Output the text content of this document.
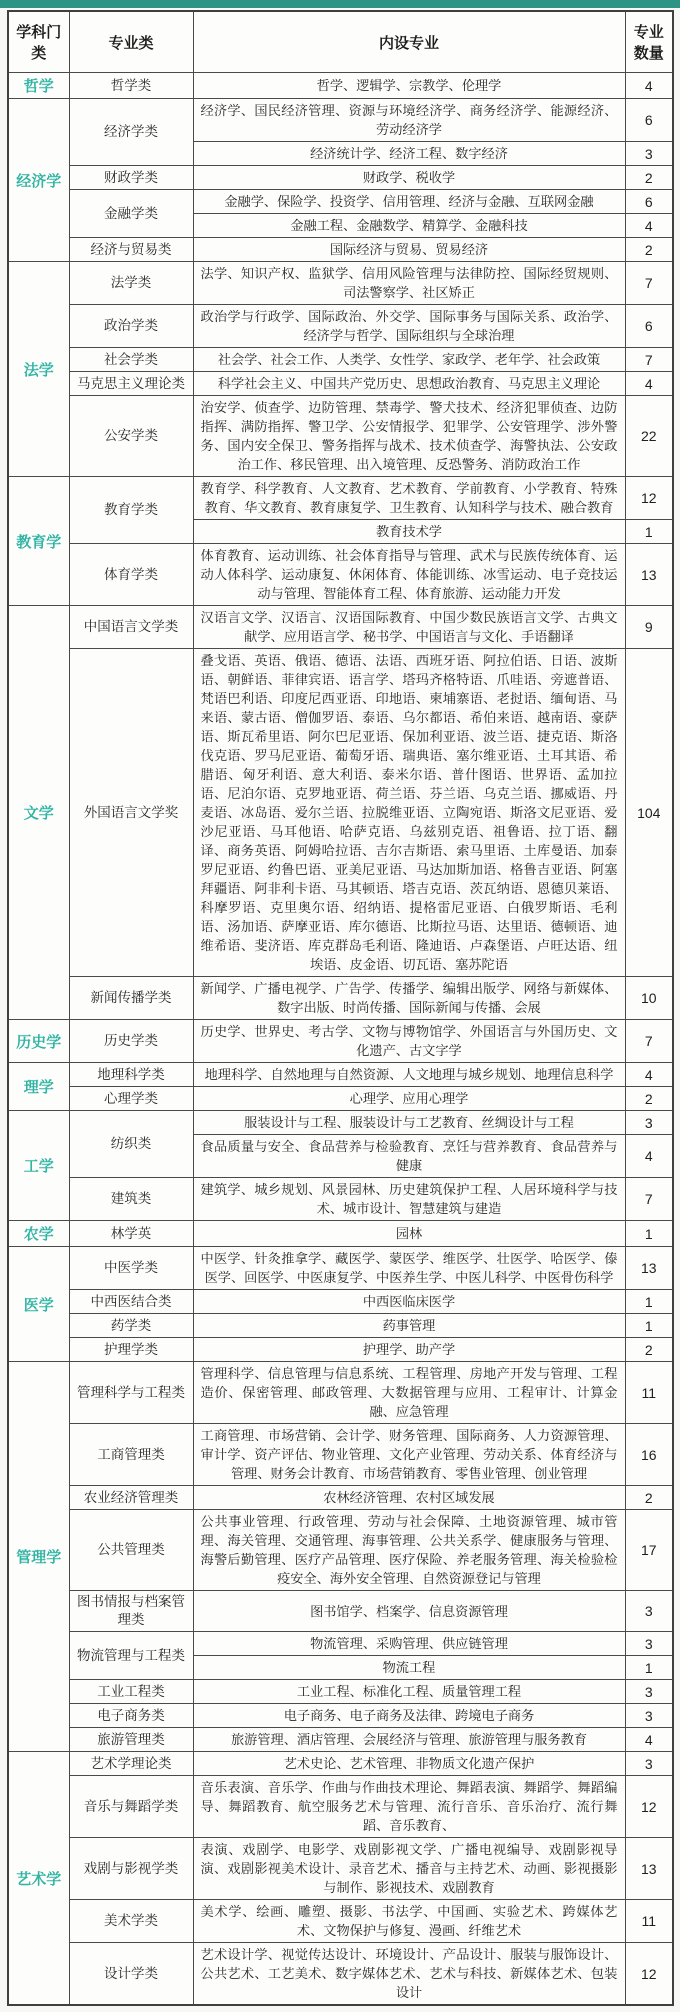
学科门类	专业类	内设专业	专业数量
哲学	哲学类	哲学、逻辑学、宗教学、伦理学	4
经济学	经济学类	经济学、国民经济管理、资源与环境经济学、商务经济学、能源经济、劳动经济学	6
		经济统计学、经济工程、数字经济	3
	财政学类	财政学、税收学	2
	金融学类	金融学、保险学、投资学、信用管理、经济与金融、互联网金融	6
		金融工程、金融数学、精算学、金融科技	4
	经济与贸易类	国际经济与贸易、贸易经济	2
法学	法学类	法学、知识产权、监狱学、信用风险管理与法律防控、国际经贸规则、司法警察学、社区矫正	7
	政治学类	政治学与行政学、国际政治、外交学、国际事务与国际关系、政治学、经济学与哲学、国际组织与全球治理	6
	社会学类	社会学、社会工作、人类学、女性学、家政学、老年学、社会政策	7
	马克思主义理论类	科学社会主义、中国共产党历史、思想政治教育、马克思主义理论	4
	公安学类	治安学、侦查学、边防管理、禁毒学、警犬技术、经济犯罪侦查、边防指挥、满防指挥、警卫学、公安情报学、犯罪学、公安管理学、涉外警务、国内安全保卫、警务指挥与战术、技术侦查学、海警执法、公安政治工作、移民管理、出入境管理、反恐警务、消防政治工作	22
教育学	教育学类	教育学、科学教育、人文教育、艺术教育、学前教育、小学教育、特殊教育、华文教育、教育康复学、卫生教育、认知科学与技术、融合教育	12
		教育技术学	1
	体育学类	体育教育、运动训练、社会体育指导与管理、武术与民族传统体育、运动人体科学、运动康复、休闲体育、体能训练、冰雪运动、电子竞技运动与管理、智能体育工程、体育旅游、运动能力开发	13
文学	中国语言文学类	汉语言文学、汉语言、汉语国际教育、中国少数民族语言文学、古典文献学、应用语言学、秘书学、中国语言与文化、手语翻译	9
	外国语言文学奖	叠戈语、英语、俄语、德语、法语、西班牙语、阿拉伯语、日语、波斯语、朝鲜语、菲律宾语、语言学、塔玛齐格特语、爪哇语、旁遮普语、梵语巴利语、印度尼西亚语、印地语、柬埔寨语、老挝语、缅甸语、马来语、蒙古语、僧伽罗语、泰语、乌尔都语、希伯来语、越南语、豪萨语、斯瓦希里语、阿尔巴尼亚语、保加利亚语、波兰语、捷克语、斯洛伐克语、罗马尼亚语、葡萄牙语、瑞典语、塞尔维亚语、土耳其语、希腊语、匈牙利语、意大利语、泰米尔语、普什图语、世界语、孟加拉语、尼泊尔语、克罗地亚语、荷兰语、芬兰语、乌克兰语、挪威语、丹麦语、冰岛语、爱尔兰语、拉脱维亚语、立陶宛语、斯洛文尼亚语、爱沙尼亚语、马耳他语、哈萨克语、乌兹别克语、祖鲁语、拉丁语、翻译、商务英语、阿姆哈拉语、吉尔吉斯语、索马里语、土库曼语、加泰罗尼亚语、约鲁巴语、亚美尼亚语、马达加斯加语、格鲁吉亚语、阿塞拜疆语、阿非利卡语、马其顿语、塔吉克语、茨瓦纳语、恩德贝莱语、科摩罗语、克里奥尔语、绍纳语、提格雷尼亚语、白俄罗斯语、毛利语、汤加语、萨摩亚语、库尔德语、比斯拉马语、达里语、德顿语、迪维希语、斐济语、库克群岛毛利语、隆迪语、卢森堡语、卢旺达语、纽埃语、皮金语、切瓦语、塞苏陀语	104
	新闻传播学类	新闻学、广播电视学、广告学、传播学、编辑出版学、网络与新媒体、数字出版、时尚传播、国际新闻与传播、会展	10
历史学	历史学类	历史学、世界史、考古学、文物与博物馆学、外国语言与外国历史、文化遗产、古文字学	7
理学	地理科学类	地理科学、自然地理与自然资源、人文地理与城乡规划、地理信息科学	4
	心理学类	心理学、应用心理学	2
工学	纺织类	服装设计与工程、服装设计与工艺教育、丝绸设计与工程	3
		食品质量与安全、食品营养与检验教育、烹饪与营养教育、食品营养与健康	4
	建筑类	建筑学、城乡规划、风景园林、历史建筑保护工程、人居环境科学与技术、城市设计、智慧建筑与建造	7
农学	林学英	园林	1
医学	中医学类	中医学、针灸推拿学、藏医学、蒙医学、维医学、壮医学、哈医学、傣医学、回医学、中医康复学、中医养生学、中医儿科学、中医骨伤科学	13
	中西医结合类	中西医临床医学	1
	药学类	药事管理	1
	护理学类	护理学、助产学	2
管理学	管理科学与工程类	管理科学、信息管理与信息系统、工程管理、房地产开发与管理、工程造价、保密管理、邮政管理、大数据管理与应用、工程审计、计算金融、应急管理	11
	工商管理类	工商管理、市场营销、会计学、财务管理、国际商务、人力资源管理、审计学、资产评估、物业管理、文化产业管理、劳动关系、体育经济与管理、财务会计教育、市场营销教育、零售业管理、创业管理	16
	农业经济管理类	农林经济管理、农村区域发展	2
	公共管理类	公共事业管理、行政管理、劳动与社会保障、土地资源管理、城市管理、海关管理、交通管理、海事管理、公共关系学、健康服务与管理、海警后勤管理、医疗产品管理、医疗保险、养老服务管理、海关检验检疫安全、海外安全管理、自然资源登记与管理	17
	图书情报与档案管理类	图书馆学、档案学、信息资源管理	3
	物流管理与工程类	物流管理、采购管理、供应链管理	3
		物流工程	1
	工业工程类	工业工程、标准化工程、质量管理工程	3
	电子商务类	电子商务、电子商务及法律、跨境电子商务	3
	旅游管理类	旅游管理、酒店管理、会展经济与管理、旅游管理与服务教育	4
艺术学	艺术学理论类	艺术史论、艺术管理、非物质文化遗产保护	3
	音乐与舞蹈学类	音乐表演、音乐学、作曲与作曲技术理论、舞蹈表演、舞蹈学、舞蹈编导、舞蹈教育、航空服务艺术与管理、流行音乐、音乐治疗、流行舞蹈、音乐教育、	12
	戏剧与影视学类	表演、戏剧学、电影学、戏剧影视文学、广播电视编导、戏剧影视导演、戏剧影视美术设计、录音艺术、播音与主持艺术、动画、影视摄影与制作、影视技术、戏剧教育	13
	美术学类	美术学、绘画、雕塑、摄影、书法学、中国画、实验艺术、跨媒体艺术、文物保护与修复、漫画、纤维艺术	11
	设计学类	艺术设计学、视觉传达设计、环境设计、产品设计、服装与服饰设计、公共艺术、工艺美术、数字媒体艺术、艺术与科技、新媒体艺术、包装设计	12
